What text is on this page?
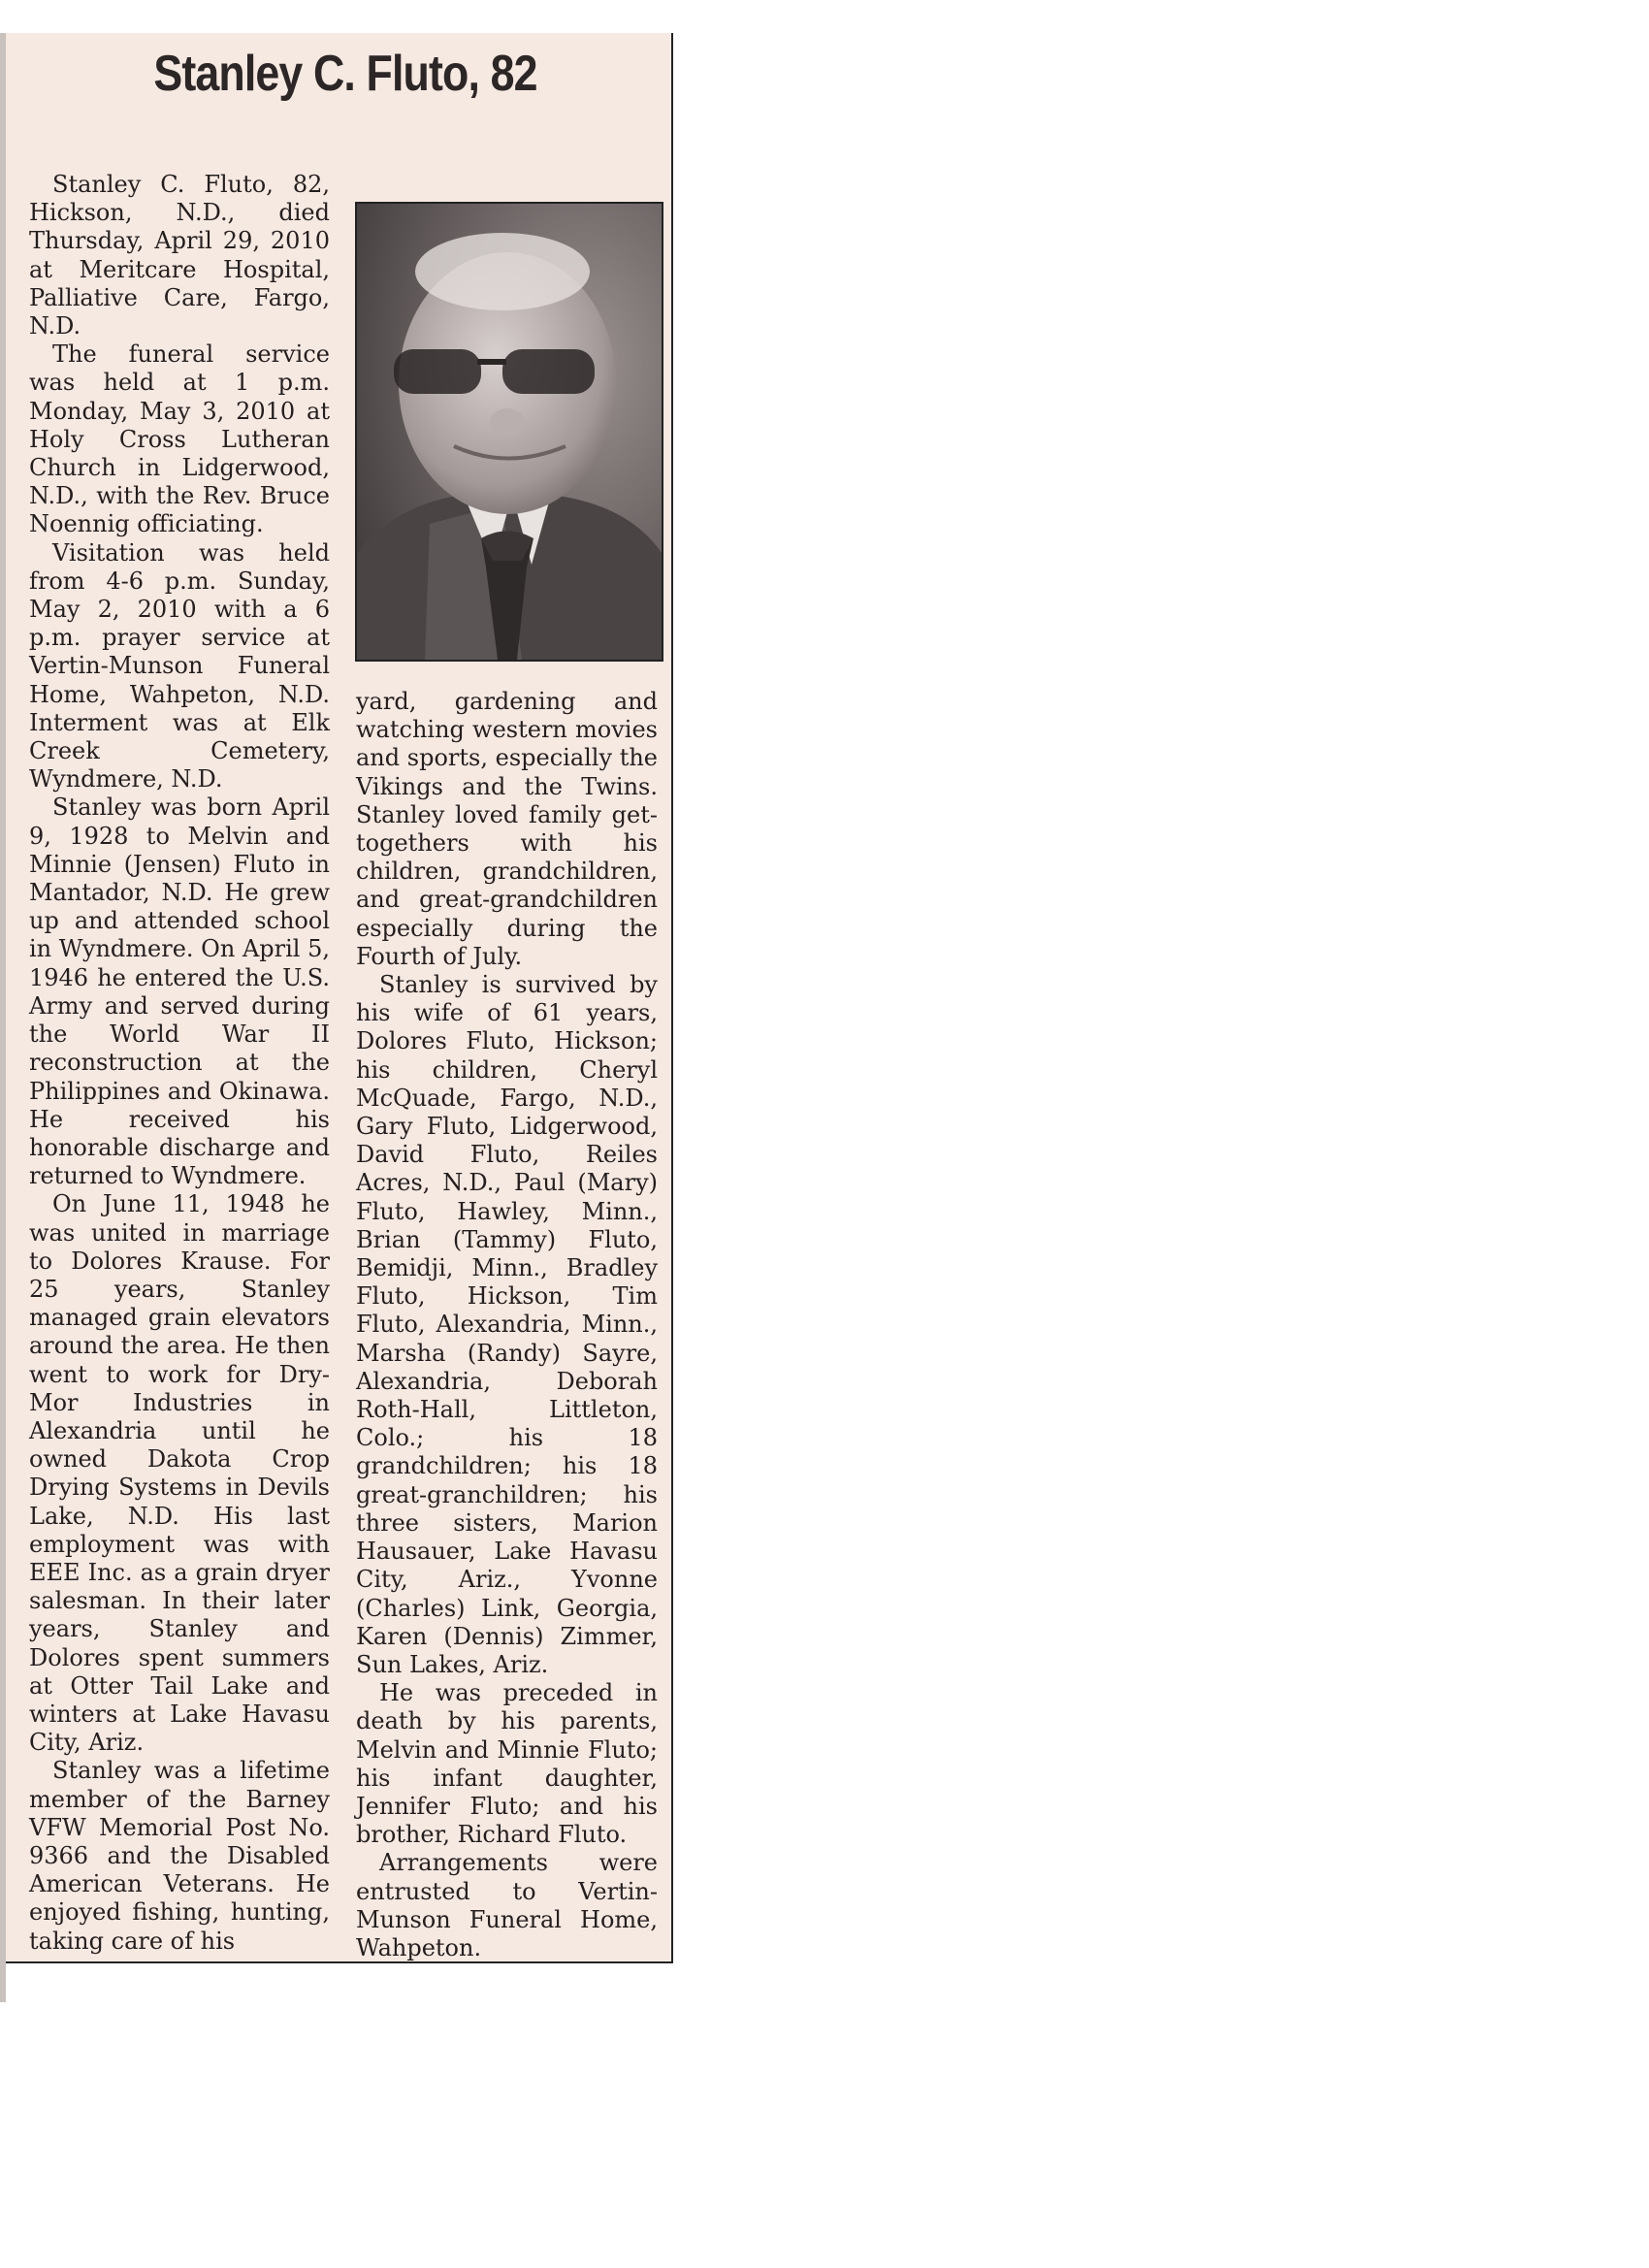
Stanley C. Fluto, 82

Stanley C. Fluto, 82, Hickson, N.D., died Thursday, April 29, 2010 at Meritcare Hospital, Palliative Care, Fargo, N.D.

The funeral service was held at 1 p.m. Monday, May 3, 2010 at Holy Cross Lutheran Church in Lidgerwood, N.D., with the Rev. Bruce Noennig officiating.

Visitation was held from 4-6 p.m. Sunday, May 2, 2010 with a 6 p.m. prayer service at Vertin-Munson Funeral Home, Wahpeton, N.D. Interment was at Elk Creek Cemetery, Wyndmere, N.D.

Stanley was born April 9, 1928 to Melvin and Minnie (Jensen) Fluto in Mantador, N.D. He grew up and attended school in Wyndmere. On April 5, 1946 he entered the U.S. Army and served during the World War II reconstruction at the Philippines and Okinawa. He received his honorable discharge and returned to Wyndmere.

On June 11, 1948 he was united in marriage to Dolores Krause. For 25 years, Stanley managed grain elevators around the area. He then went to work for Dry-Mor Industries in Alexandria until he owned Dakota Crop Drying Systems in Devils Lake, N.D. His last employment was with EEE Inc. as a grain dryer salesman. In their later years, Stanley and Dolores spent summers at Otter Tail Lake and winters at Lake Havasu City, Ariz.

Stanley was a lifetime member of the Barney VFW Memorial Post No. 9366 and the Disabled American Veterans. He enjoyed fishing, hunting, taking care of his

yard, gardening and watching western movies and sports, especially the Vikings and the Twins. Stanley loved family get-togethers with his children, grandchildren, and great-grandchildren especially during the Fourth of July.

Stanley is survived by his wife of 61 years, Dolores Fluto, Hickson; his children, Cheryl McQuade, Fargo, N.D., Gary Fluto, Lidgerwood, David Fluto, Reiles Acres, N.D., Paul (Mary) Fluto, Hawley, Minn., Brian (Tammy) Fluto, Bemidji, Minn., Bradley Fluto, Hickson, Tim Fluto, Alexandria, Minn., Marsha (Randy) Sayre, Alexandria, Deborah Roth-Hall, Littleton, Colo.; his 18 grandchildren; his 18 great-granchildren; his three sisters, Marion Hausauer, Lake Havasu City, Ariz., Yvonne (Charles) Link, Georgia, Karen (Dennis) Zimmer, Sun Lakes, Ariz.

He was preceded in death by his parents, Melvin and Minnie Fluto; his infant daughter, Jennifer Fluto; and his brother, Richard Fluto.

Arrangements were entrusted to Vertin-Munson Funeral Home, Wahpeton.
